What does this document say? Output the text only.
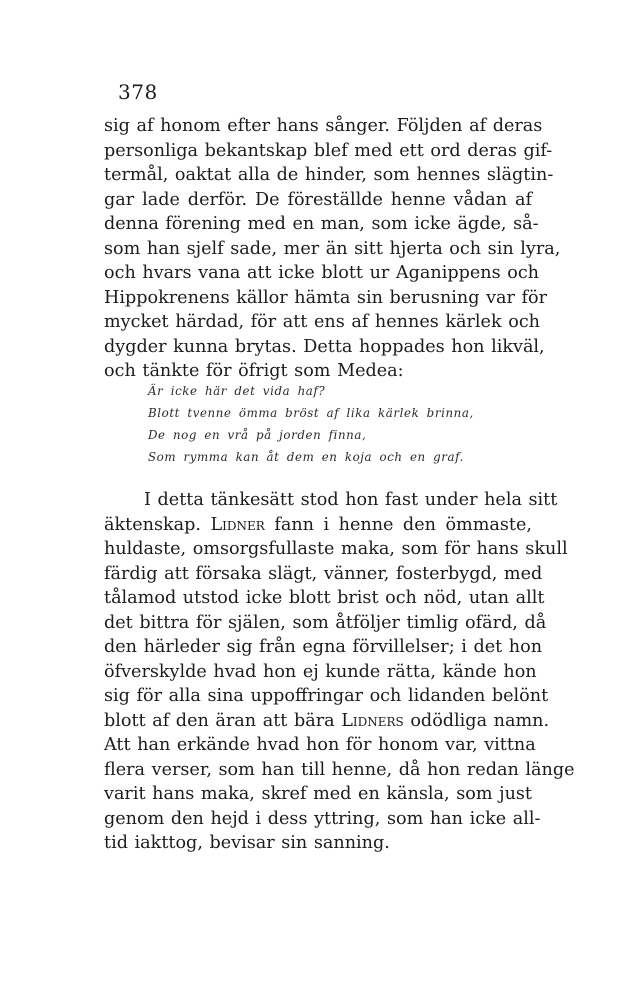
378
sig af honom efter hans sånger. Följden af deras
personliga bekantskap blef med ett ord deras gif-
termål, oaktat alla de hinder, som hennes slägtin-
gar lade derför. De föreställde henne vådan af
denna förening med en man, som icke ägde, så-
som han sjelf sade, mer än sitt hjerta och sin lyra,
och hvars vana att icke blott ur Aganippens och
Hippokrenens källor hämta sin berusning var för
mycket härdad, för att ens af hennes kärlek och
dygder kunna brytas. Detta hoppades hon likväl,
och tänkte för öfrigt som Medea:
Är icke här det vida haf?
Blott tvenne ömma bröst af lika kärlek brinna,
De nog en vrå på jorden finna,
Som rymma kan åt dem en koja och en graf.
I detta tänkesätt stod hon fast under hela sitt
äktenskap. Lidner fann i henne den ömmaste,
huldaste, omsorgsfullaste maka, som för hans skull
färdig att försaka slägt, vänner, fosterbygd, med
tålamod utstod icke blott brist och nöd, utan allt
det bittra för själen, som åtföljer timlig ofärd, då
den härleder sig från egna förvillelser; i det hon
öfverskylde hvad hon ej kunde rätta, kände hon
sig för alla sina uppoffringar och lidanden belönt
blott af den äran att bära Lidners odödliga namn.
Att han erkände hvad hon för honom var, vittna
flera verser, som han till henne, då hon redan länge
varit hans maka, skref med en känsla, som just
genom den hejd i dess yttring, som han icke all-
tid iakttog, bevisar sin sanning.
